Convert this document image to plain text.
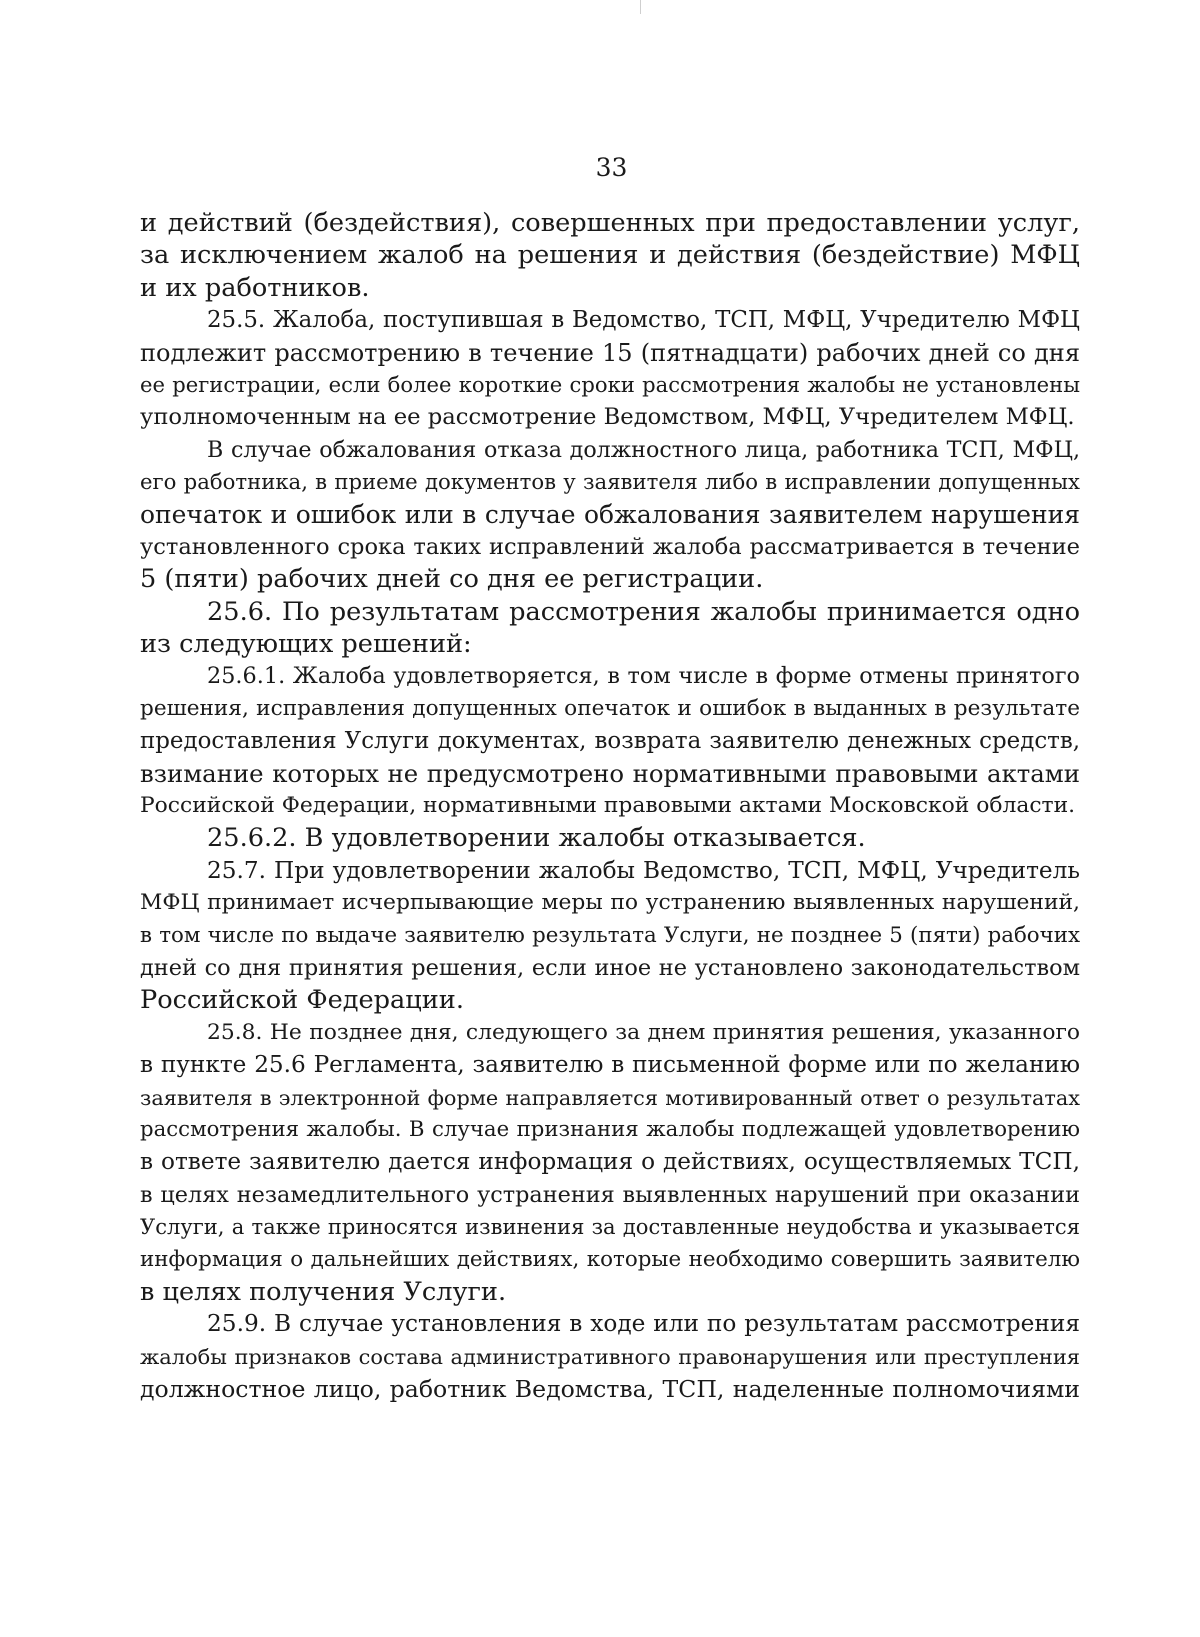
33
и действий (бездействия), совершенных при предоставлении услуг,
за исключением жалоб на решения и действия (бездействие) МФЦ
и их работников.
25.5. Жалоба, поступившая в Ведомство, ТСП, МФЦ, Учредителю МФЦ
подлежит рассмотрению в течение 15 (пятнадцати) рабочих дней со дня
ее регистрации, если более короткие сроки рассмотрения жалобы не установлены
уполномоченным на ее рассмотрение Ведомством, МФЦ, Учредителем МФЦ.
В случае обжалования отказа должностного лица, работника ТСП, МФЦ,
его работника, в приеме документов у заявителя либо в исправлении допущенных
опечаток и ошибок или в случае обжалования заявителем нарушения
установленного срока таких исправлений жалоба рассматривается в течение
5 (пяти) рабочих дней со дня ее регистрации.
25.6. По результатам рассмотрения жалобы принимается одно
из следующих решений:
25.6.1. Жалоба удовлетворяется, в том числе в форме отмены принятого
решения, исправления допущенных опечаток и ошибок в выданных в результате
предоставления Услуги документах, возврата заявителю денежных средств,
взимание которых не предусмотрено нормативными правовыми актами
Российской Федерации, нормативными правовыми актами Московской области.
25.6.2. В удовлетворении жалобы отказывается.
25.7. При удовлетворении жалобы Ведомство, ТСП, МФЦ, Учредитель
МФЦ принимает исчерпывающие меры по устранению выявленных нарушений,
в том числе по выдаче заявителю результата Услуги, не позднее 5 (пяти) рабочих
дней со дня принятия решения, если иное не установлено законодательством
Российской Федерации.
25.8. Не позднее дня, следующего за днем принятия решения, указанного
в пункте 25.6 Регламента, заявителю в письменной форме или по желанию
заявителя в электронной форме направляется мотивированный ответ о результатах
рассмотрения жалобы. В случае признания жалобы подлежащей удовлетворению
в ответе заявителю дается информация о действиях, осуществляемых ТСП,
в целях незамедлительного устранения выявленных нарушений при оказании
Услуги, а также приносятся извинения за доставленные неудобства и указывается
информация о дальнейших действиях, которые необходимо совершить заявителю
в целях получения Услуги.
25.9. В случае установления в ходе или по результатам рассмотрения
жалобы признаков состава административного правонарушения или преступления
должностное лицо, работник Ведомства, ТСП, наделенные полномочиями
